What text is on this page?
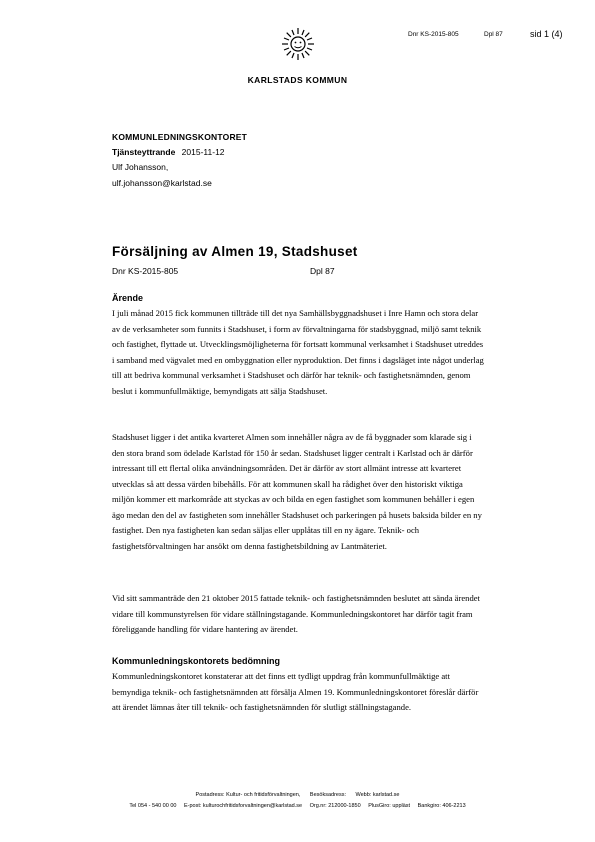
Dnr KS-2015-805	Dpl 87	sid 1 (4)
KARLSTADS KOMMUN
KOMMUNLEDNINGSKONTORET
Tjänsteyttrande 2015-11-12
Ulf Johansson,
ulf.johansson@karlstad.se
Försäljning av Almen 19, Stadshuset
Dnr KS-2015-805	Dpl 87
Ärende
I juli månad 2015 fick kommunen tillträde till det nya Samhällsbyggnadshuset i Inre Hamn och stora delar av de verksamheter som funnits i Stadshuset, i form av förvaltningarna för stadsbyggnad, miljö samt teknik och fastighet, flyttade ut. Utvecklingsmöjligheterna för fortsatt kommunal verksamhet i Stadshuset utreddes i samband med vägvalet med en ombyggnation eller nyproduktion. Det finns i dagsläget inte något underlag till att bedriva kommunal verksamhet i Stadshuset och därför har teknik- och fastighetsnämnden, genom beslut i kommunfullmäktige, bemyndigats att sälja Stadshuset.
Stadshuset ligger i det antika kvarteret Almen som innehåller några av de få byggnader som klarade sig i den stora brand som ödelade Karlstad för 150 år sedan. Stadshuset ligger centralt i Karlstad och är därför intressant till ett flertal olika användningsområden. Det är därför av stort allmänt intresse att kvarteret utvecklas så att dessa värden bibehålls. För att kommunen skall ha rådighet över den historiskt viktiga miljön kommer ett markområde att styckas av och bilda en egen fastighet som kommunen behåller i egen ägo medan den del av fastigheten som innehåller Stadshuset och parkeringen på husets baksida bilder en ny fastighet. Den nya fastigheten kan sedan säljas eller upplåtas till en ny ägare. Teknik- och fastighetsförvaltningen har ansökt om denna fastighetsbildning av Lantmäteriet.
Vid sitt sammanträde den 21 oktober 2015 fattade teknik- och fastighetsnämnden beslutet att sända ärendet vidare till kommunstyrelsen för vidare ställningstagande. Kommunledningskontoret har därför tagit fram föreliggande handling för vidare hantering av ärendet.
Kommunledningskontorets bedömning
Kommunledningskontoret konstaterar att det finns ett tydligt uppdrag från kommunfullmäktige att bemyndiga teknik- och fastighetsnämnden att försälja Almen 19. Kommunledningskontoret föreslår därför att ärendet lämnas åter till teknik- och fastighetsnämnden för slutligt ställningstagande.
Postadress: Kultur- och fritidsförvaltningen, Besöksadress: Webb: karlstad.se
Tel 054 - 540 00 00 E-post: kulturochfritidsforvaltningen@karlstad.se Org.nr: 212000-1850 PlusGiro: uppläst Bankgiro: 406-2213
